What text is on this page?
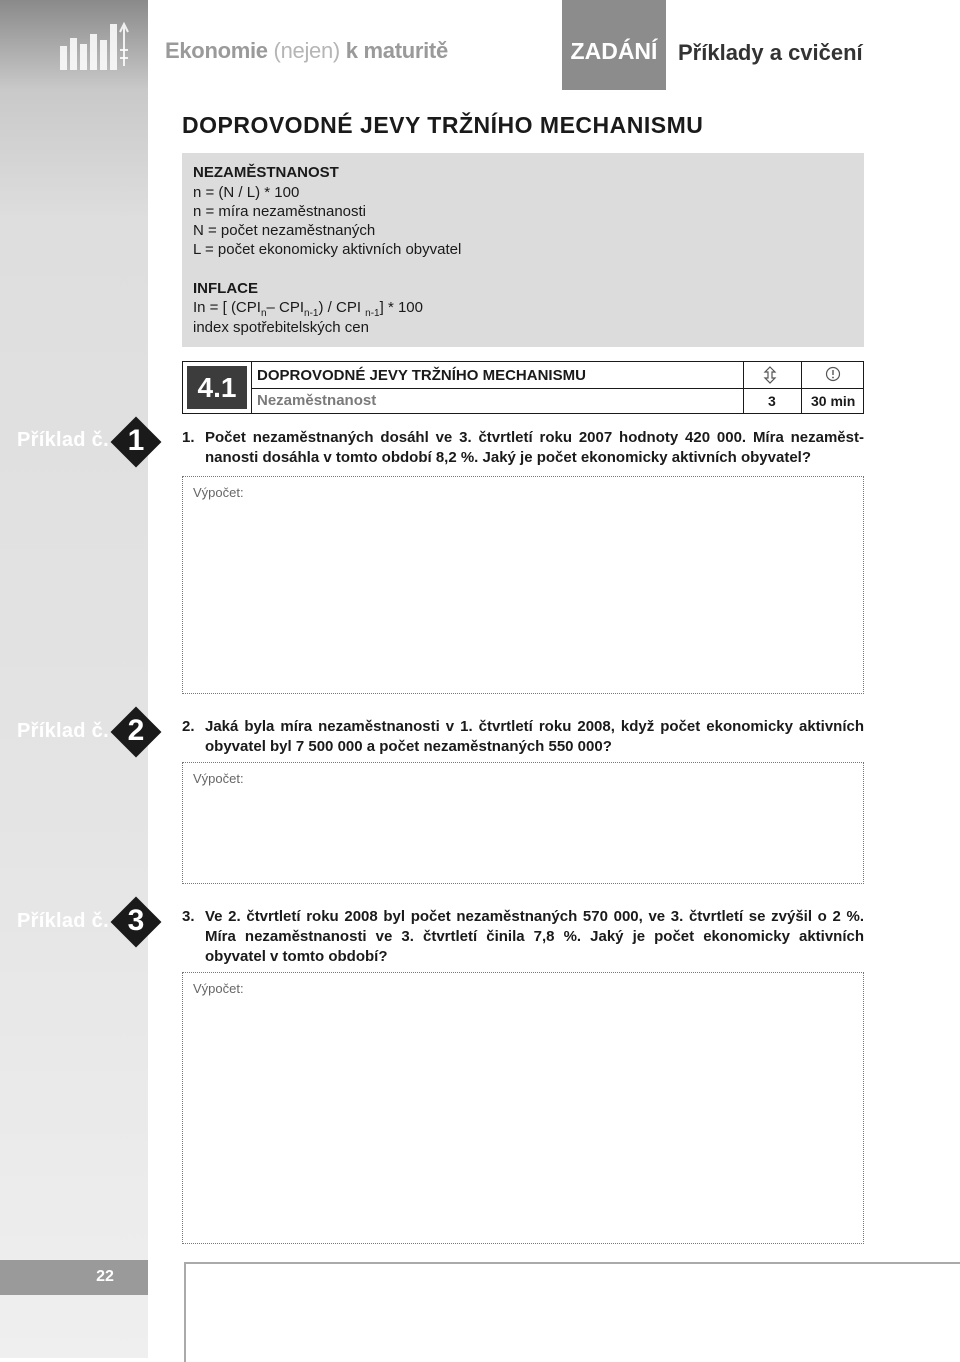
Ekonomie (nejen) k maturitě	ZADÁNÍ Příklady a cvičení
DOPROVODNÉ JEVY TRŽNÍHO MECHANISMU
NEZAMĚSTNANOST
n = (N / L) * 100
n = míra nezaměstnanosti
N = počet nezaměstnaných
L = počet ekonomicky aktivních obyvatel
INFLACE
In = [ ($CPI_n-$ $CPI_{n-1}$) / CPI $_{n-1}$] * 100
index spotřebitelských cen
4.1	DOPROVODNÉ JEVY TRŽNÍHO MECHANISMU
Nezaměstnanost	3	30 min
Příklad č. 1	1. Počet nezaměstnaných dosáhl ve 3. čtvrtletí roku 2007 hodnoty 420 000. Míra nezaměstnanosti dosáhla v tomto období 8,2 %. Jaký je počet ekonomicky aktivních obyvatel?
Výpočet:
Příklad č. 2	2. Jaká byla míra nezaměstnanosti v 1. čtvrtletí roku 2008, když počet ekonomicky aktivních obyvatel byl 7 500 000 a počet nezaměstnaných 550 000?
Výpočet:
Příklad č. 3	3. Ve 2. čtvrtletí roku 2008 byl počet nezaměstnaných 570 000, ve 3. čtvrtletí se zvýšil o 2 %. Míra nezaměstnanosti ve 3. čtvrtletí činila 7,8 %. Jaký je počet ekonomicky aktivních obyvatel v tomto období?
Výpočet:
22
